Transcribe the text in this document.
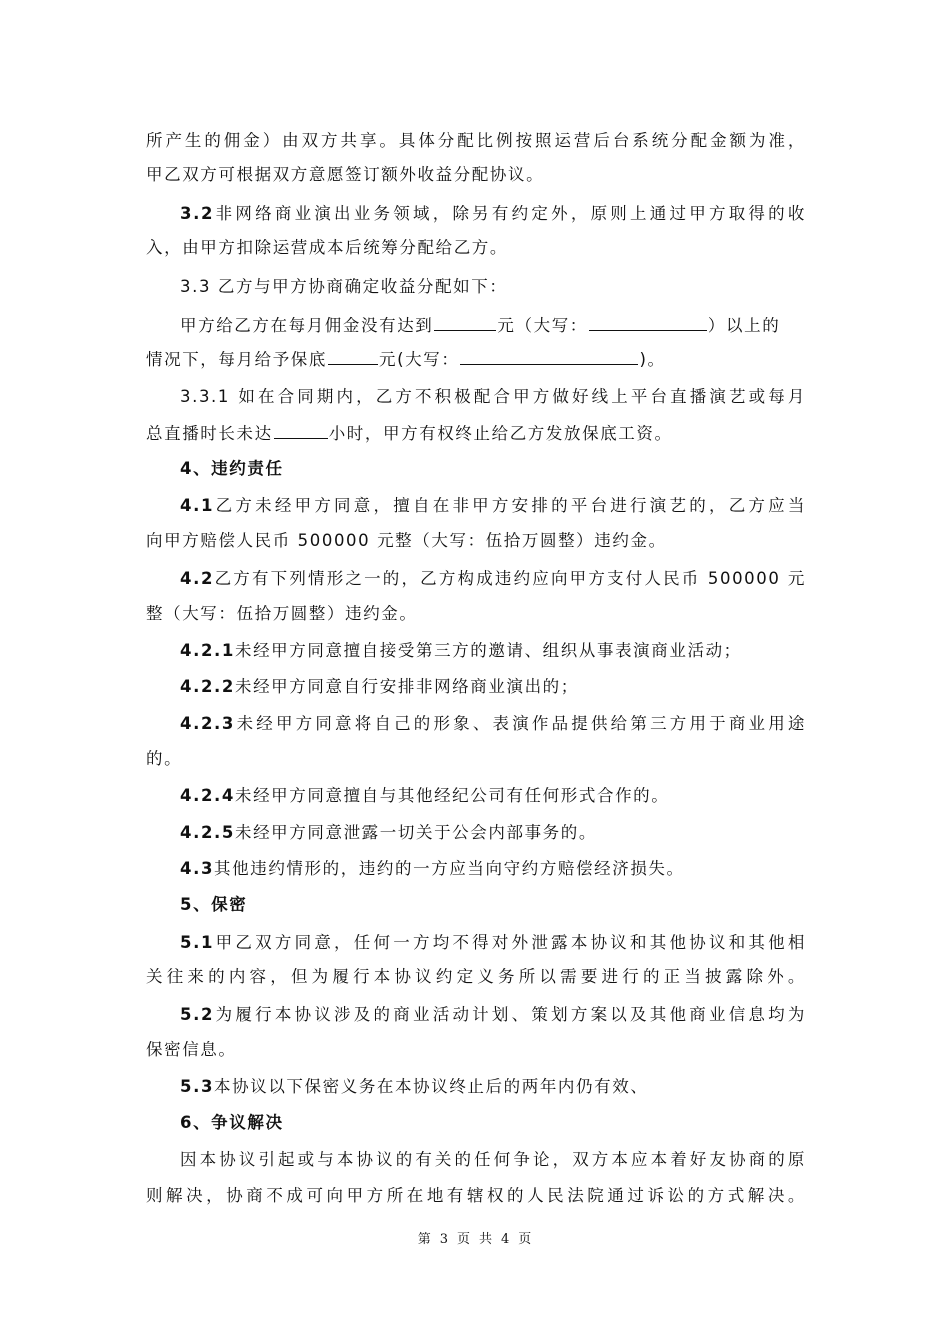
所产生的佣金）由双方共享。具体分配比例按照运营后台系统分配金额为准，
甲乙双方可根据双方意愿签订额外收益分配协议。
3.2非网络商业演出业务领域，除另有约定外，原则上通过甲方取得的收
入，由甲方扣除运营成本后统筹分配给乙方。
3.3 乙方与甲方协商确定收益分配如下：
甲方给乙方在每月佣金没有达到	元（大写：	）以上的
情况下，每月给予保底	元(大写：	)。
3.3.1 如在合同期内，乙方不积极配合甲方做好线上平台直播演艺或每月
总直播时长未达	小时，甲方有权终止给乙方发放保底工资。
4、违约责任
4.1乙方未经甲方同意，擅自在非甲方安排的平台进行演艺的，乙方应当
向甲方赔偿人民币 500000 元整（大写：伍拾万圆整）违约金。
4.2乙方有下列情形之一的，乙方构成违约应向甲方支付人民币 500000 元
整（大写：伍拾万圆整）违约金。
4.2.1未经甲方同意擅自接受第三方的邀请、组织从事表演商业活动；
4.2.2未经甲方同意自行安排非网络商业演出的；
4.2.3未经甲方同意将自己的形象、表演作品提供给第三方用于商业用途
的。
4.2.4未经甲方同意擅自与其他经纪公司有任何形式合作的。
4.2.5未经甲方同意泄露一切关于公会内部事务的。
4.3其他违约情形的，违约的一方应当向守约方赔偿经济损失。
5、保密
5.1甲乙双方同意，任何一方均不得对外泄露本协议和其他协议和其他相
关往来的内容，但为履行本协议约定义务所以需要进行的正当披露除外。
5.2为履行本协议涉及的商业活动计划、策划方案以及其他商业信息均为
保密信息。
5.3本协议以下保密义务在本协议终止后的两年内仍有效、
6、争议解决
因本协议引起或与本协议的有关的任何争论，双方本应本着好友协商的原
则解决，协商不成可向甲方所在地有辖权的人民法院通过诉讼的方式解决。
第 3 页 共 4 页
